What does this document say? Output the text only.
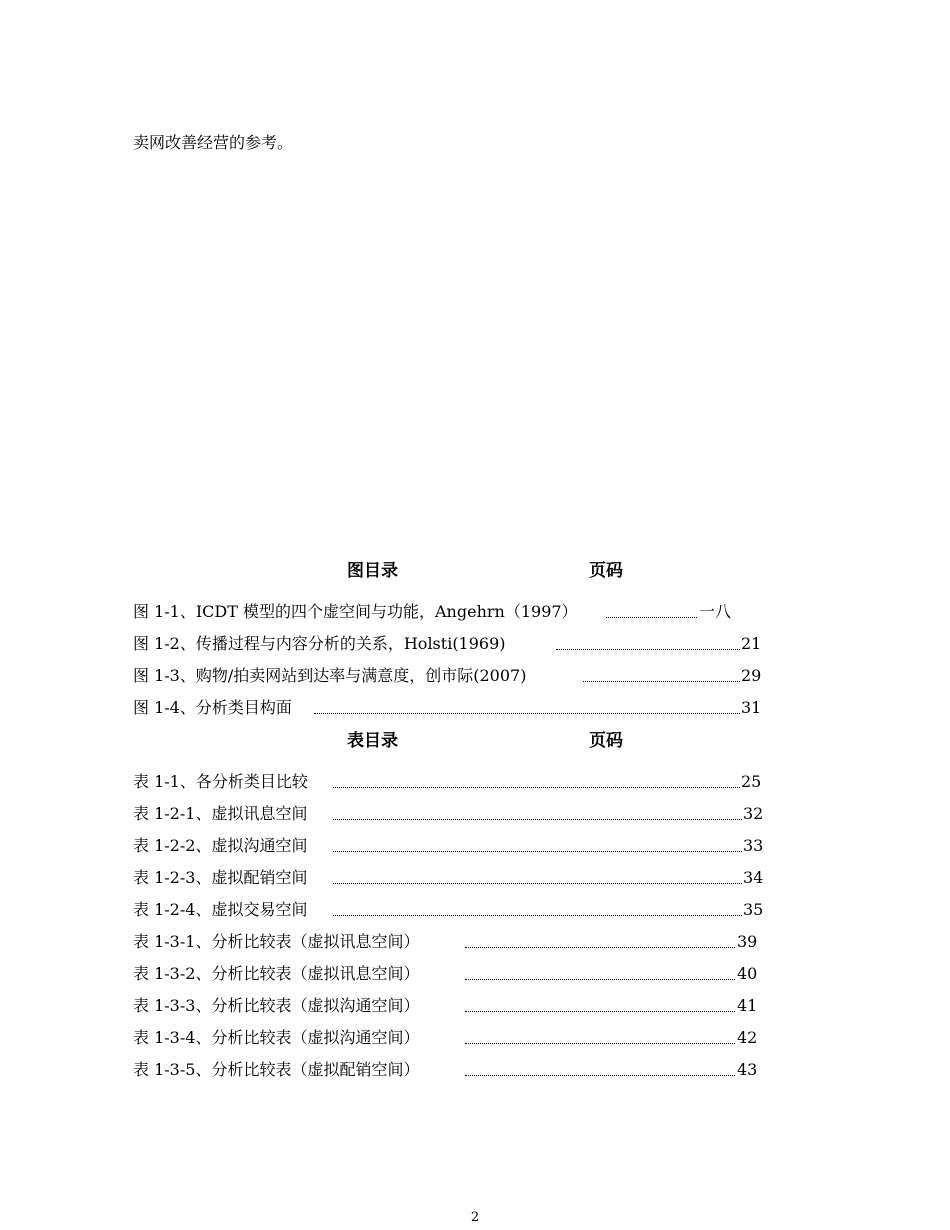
卖网改善经营的参考。
图目录	页码
图 1-1、ICDT 模型的四个虚空间与功能，Angehrn（1997）	一八
图 1-2、传播过程与内容分析的关系，Holsti(1969)	21
图 1-3、购物/拍卖网站到达率与满意度，创市际(2007)	29
图 1-4、分析类目构面	31
表目录	页码
表 1-1、各分析类目比较	25
表 1-2-1、虚拟讯息空间	32
表 1-2-2、虚拟沟通空间	33
表 1-2-3、虚拟配销空间	34
表 1-2-4、虚拟交易空间	35
表 1-3-1、分析比较表（虚拟讯息空间）	39
表 1-3-2、分析比较表（虚拟讯息空间）	40
表 1-3-3、分析比较表（虚拟沟通空间）	41
表 1-3-4、分析比较表（虚拟沟通空间）	42
表 1-3-5、分析比较表（虚拟配销空间）	43
2
